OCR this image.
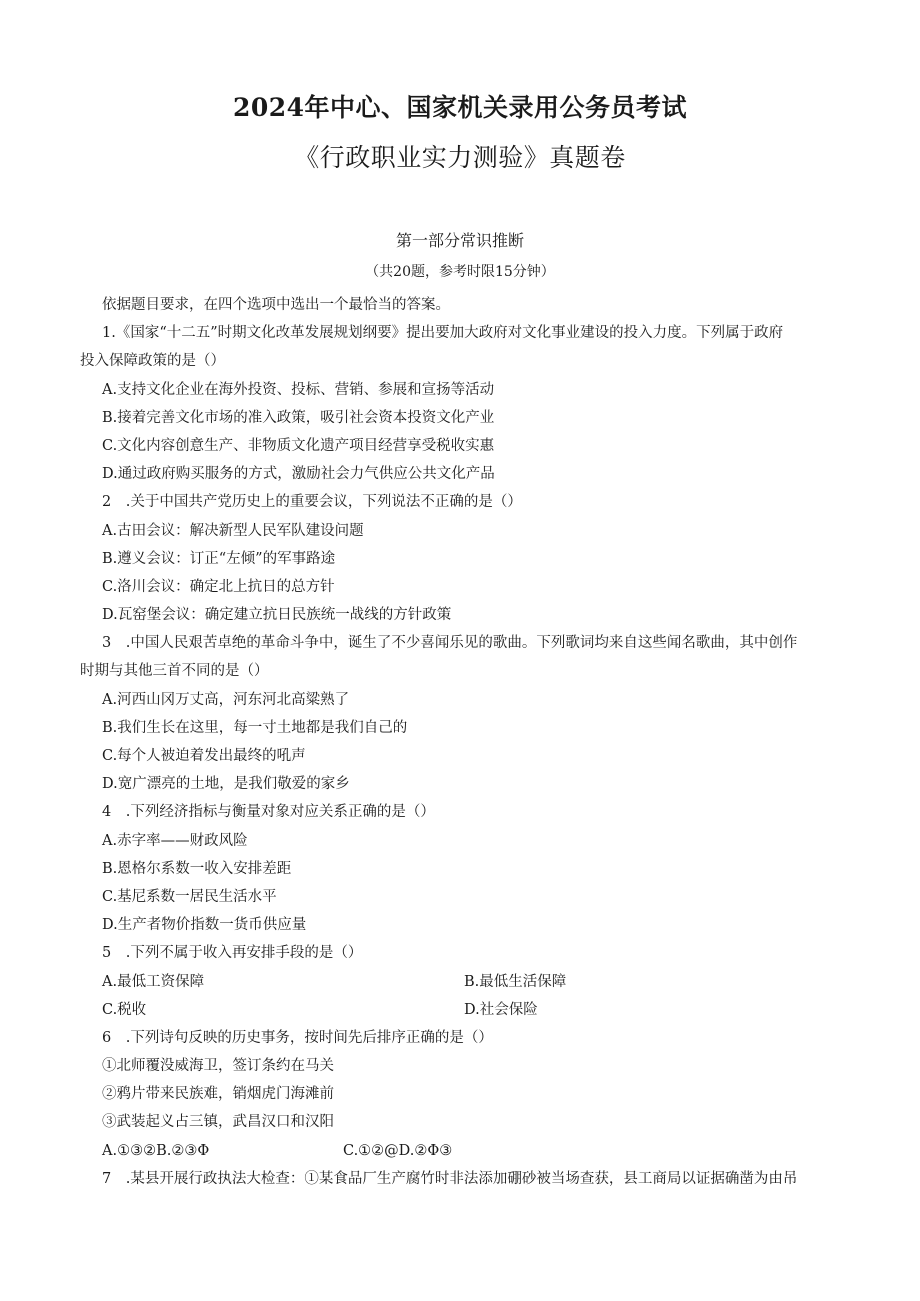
2024年中心、国家机关录用公务员考试
《行政职业实力测验》真题卷
第一部分常识推断
（共20题，参考时限15分钟）
依据题目要求，在四个选项中选出一个最恰当的答案。
1.《国家“十二五”时期文化改革发展规划纲要》提出要加大政府对文化事业建设的投入力度。下列属于政府
投入保障政策的是（）
A.支持文化企业在海外投资、投标、营销、参展和宣扬等活动
B.接着完善文化市场的准入政策，吸引社会资本投资文化产业
C.文化内容创意生产、非物质文化遗产项目经营享受税收实惠
D.通过政府购买服务的方式，激励社会力气供应公共文化产品
2　.关于中国共产党历史上的重要会议，下列说法不正确的是（）
A.古田会议：解决新型人民军队建设问题
B.遵义会议：订正“左倾”的军事路途
C.洛川会议：确定北上抗日的总方针
D.瓦窑堡会议：确定建立抗日民族统一战线的方针政策
3　.中国人民艰苦卓绝的革命斗争中，诞生了不少喜闻乐见的歌曲。下列歌词均来自这些闻名歌曲，其中创作
时期与其他三首不同的是（）
A.河西山冈万丈高，河东河北高粱熟了
B.我们生长在这里，每一寸土地都是我们自己的
C.每个人被迫着发出最终的吼声
D.宽广漂亮的土地，是我们敬爱的家乡
4　.下列经济指标与衡量对象对应关系正确的是（）
A.赤字率——财政风险
B.恩格尔系数一收入安排差距
C.基尼系数一居民生活水平
D.生产者物价指数一货币供应量
5　.下列不属于收入再安排手段的是（）
A.最低工资保障	B.最低生活保障
C.税收	D.社会保险
6　.下列诗句反映的历史事务，按时间先后排序正确的是（）
①北师覆没威海卫，签订条约在马关
②鸦片带来民族难，销烟虎门海滩前
③武装起义占三镇，武昌汉口和汉阳
A.①③②B.②③Φ	C.①②@D.②Φ③
7　.某县开展行政执法大检查：①某食品厂生产腐竹时非法添加硼砂被当场查获，县工商局以证据确凿为由吊
